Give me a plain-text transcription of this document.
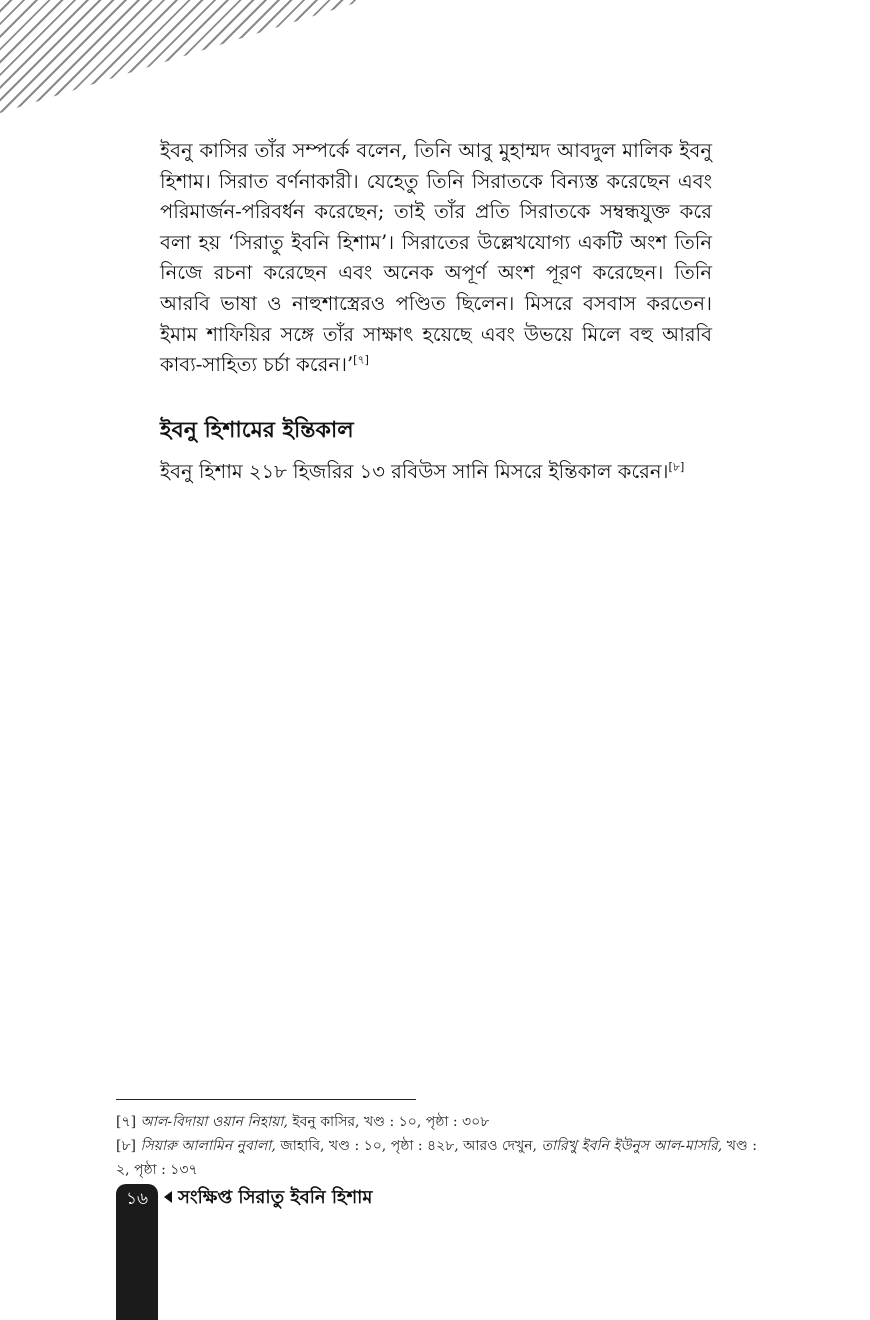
ইবনু কাসির তাঁর সম্পর্কে বলেন, তিনি আবু মুহাম্মদ আবদুল মালিক ইবনু হিশাম। সিরাত বর্ণনাকারী। যেহেতু তিনি সিরাতকে বিন্যস্ত করেছেন এবং পরিমার্জন-পরিবর্ধন করেছেন; তাই তাঁর প্রতি সিরাতকে সম্বন্ধযুক্ত করে বলা হয় ‘সিরাতু ইবনি হিশাম’। সিরাতের উল্লেখযোগ্য একটি অংশ তিনি নিজে রচনা করেছেন এবং অনেক অপূর্ণ অংশ পূরণ করেছেন। তিনি আরবি ভাষা ও নাহুশাস্ত্রেরও পণ্ডিত ছিলেন। মিসরে বসবাস করতেন। ইমাম শাফিয়ির সঙ্গে তাঁর সাক্ষাৎ হয়েছে এবং উভয়ে মিলে বহু আরবি কাব্য-সাহিত্য চর্চা করেন।’[৭]

ইবনু হিশামের ইন্তিকাল

ইবনু হিশাম ২১৮ হিজরির ১৩ রবিউস সানি মিসরে ইন্তিকাল করেন।[৮]

[৭] আল-বিদায়া ওয়ান নিহায়া, ইবনু কাসির, খণ্ড : ১০, পৃষ্ঠা : ৩০৮

[৮] সিয়ারু আলামিন নুবালা, জাহাবি, খণ্ড : ১০, পৃষ্ঠা : ৪২৮, আরও দেখুন, তারিখু ইবনি ইউনুস আল-মাসরি, খণ্ড : ২, পৃষ্ঠা : ১৩৭

১৬	সংক্ষিপ্ত সিরাতু ইবনি হিশাম
